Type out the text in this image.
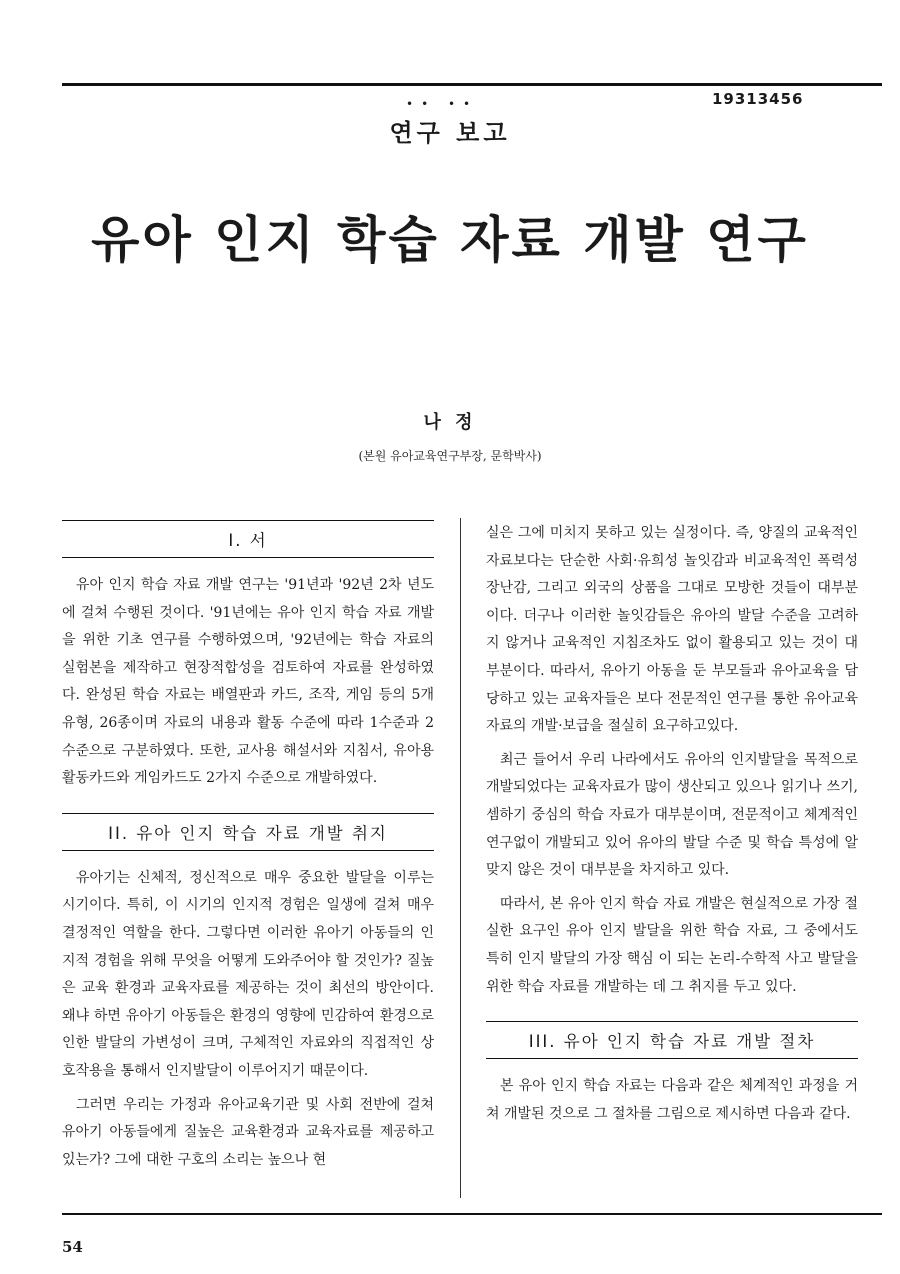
19313456
•• ••
연구 보고
유아 인지 학습 자료 개발 연구
나 정
(본원 유아교육연구부장, 문학박사)
I. 서

유아 인지 학습 자료 개발 연구는 '91년과 '92년 2차 년도에 걸쳐 수행된 것이다. '91년에는 유아 인지 학습 자료 개발을 위한 기초 연구를 수행하였으며, '92년에는 학습 자료의 실험본을 제작하고 현장적합성을 검토하여 자료를 완성하였다. 완성된 학습 자료는 배열판과 카드, 조작, 게임 등의 5개 유형, 26종이며 자료의 내용과 활동 수준에 따라 1수준과 2수준으로 구분하였다. 또한, 교사용 해설서와 지침서, 유아용 활동카드와 게임카드도 2가지 수준으로 개발하였다.

II. 유아 인지 학습 자료 개발 취지

유아기는 신체적, 정신적으로 매우 중요한 발달을 이루는 시기이다. 특히, 이 시기의 인지적 경험은 일생에 걸쳐 매우 결정적인 역할을 한다. 그렇다면 이러한 유아기 아동들의 인지적 경험을 위해 무엇을 어떻게 도와주어야 할 것인가? 질높은 교육 환경과 교육자료를 제공하는 것이 최선의 방안이다. 왜냐 하면 유아기 아동들은 환경의 영향에 민감하여 환경으로 인한 발달의 가변성이 크며, 구체적인 자료와의 직접적인 상호작용을 통해서 인지발달이 이루어지기 때문이다.

그러면 우리는 가정과 유아교육기관 및 사회 전반에 걸쳐 유아기 아동들에게 질높은 교육환경과 교육자료를 제공하고 있는가? 그에 대한 구호의 소리는 높으나 현

실은 그에 미치지 못하고 있는 실정이다. 즉, 양질의 교육적인 자료보다는 단순한 사회·유희성 놀잇감과 비교육적인 폭력성 장난감, 그리고 외국의 상품을 그대로 모방한 것들이 대부분이다. 더구나 이러한 놀잇감들은 유아의 발달 수준을 고려하지 않거나 교육적인 지침조차도 없이 활용되고 있는 것이 대부분이다. 따라서, 유아기 아동을 둔 부모들과 유아교육을 담당하고 있는 교육자들은 보다 전문적인 연구를 통한 유아교육 자료의 개발·보급을 절실히 요구하고있다.

최근 들어서 우리 나라에서도 유아의 인지발달을 목적으로 개발되었다는 교육자료가 많이 생산되고 있으나 읽기나 쓰기, 셈하기 중심의 학습 자료가 대부분이며, 전문적이고 체계적인 연구없이 개발되고 있어 유아의 발달 수준 및 학습 특성에 알맞지 않은 것이 대부분을 차지하고 있다.

따라서, 본 유아 인지 학습 자료 개발은 현실적으로 가장 절실한 요구인 유아 인지 발달을 위한 학습 자료, 그 중에서도 특히 인지 발달의 가장 핵심 이 되는 논리-수학적 사고 발달을 위한 학습 자료를 개발하는 데 그 취지를 두고 있다.

III. 유아 인지 학습 자료 개발 절차

본 유아 인지 학습 자료는 다음과 같은 체계적인 과정을 거쳐 개발된 것으로 그 절차를 그림으로 제시하면 다음과 같다.

54
